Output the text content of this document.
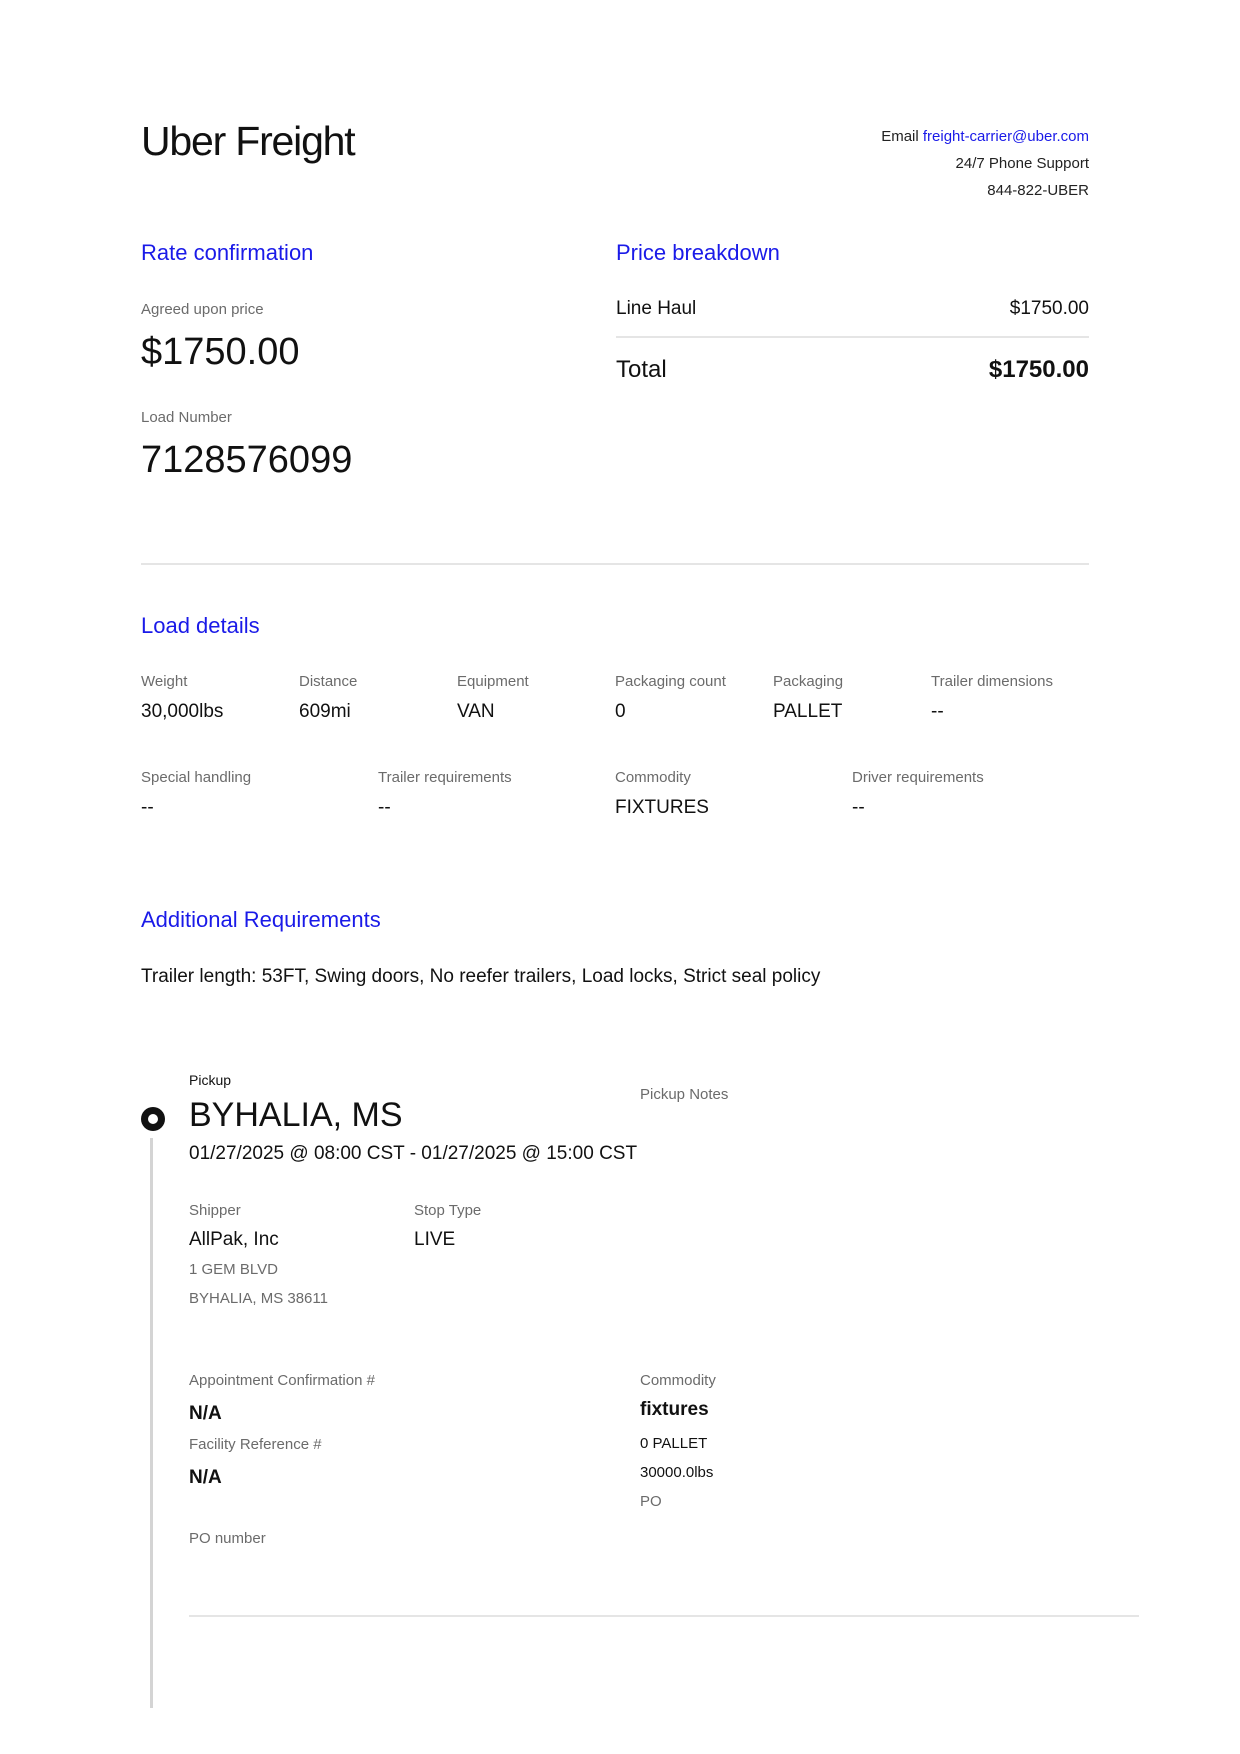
Uber Freight	Email freight-carrier@uber.com
24/7 Phone Support
844-822-UBER
Rate confirmation
Agreed upon price
$1750.00
Load Number
7128576099
Price breakdown
Line Haul	$1750.00
Total	$1750.00
Load details
Weight
30,000lbs
Distance
609mi
Equipment
VAN
Packaging count
0
Packaging
PALLET
Trailer dimensions
--
Special handling
--
Trailer requirements
--
Commodity
FIXTURES
Driver requirements
--
Additional Requirements
Trailer length: 53FT, Swing doors, No reefer trailers, Load locks, Strict seal policy
Pickup
BYHALIA, MS
01/27/2025 @ 08:00 CST - 01/27/2025 @ 15:00 CST
Pickup Notes
Shipper
AllPak, Inc
1 GEM BLVD
BYHALIA, MS 38611
Stop Type
LIVE
Appointment Confirmation #
N/A
Facility Reference #
N/A
PO number
Commodity
fixtures
0 PALLET
30000.0lbs
PO
